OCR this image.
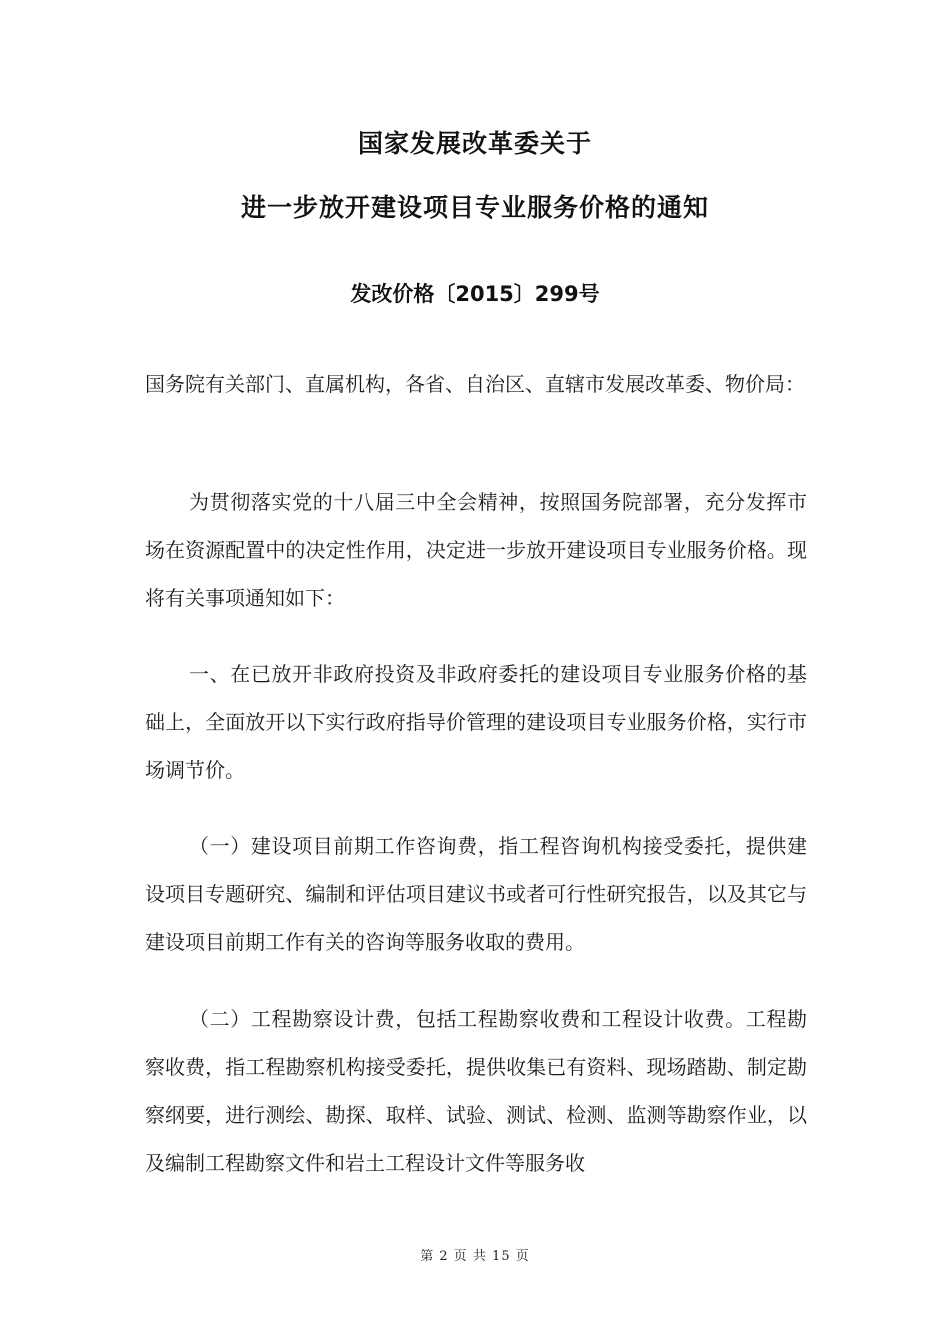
国家发展改革委关于
进一步放开建设项目专业服务价格的通知
发改价格〔2015〕299号
国务院有关部门、直属机构，各省、自治区、直辖市发展改革委、物价局：
为贯彻落实党的十八届三中全会精神，按照国务院部署，充分发挥市场在资源配置中的决定性作用，决定进一步放开建设项目专业服务价格。现将有关事项通知如下：
一、在已放开非政府投资及非政府委托的建设项目专业服务价格的基础上，全面放开以下实行政府指导价管理的建设项目专业服务价格，实行市场调节价。
（一）建设项目前期工作咨询费，指工程咨询机构接受委托，提供建设项目专题研究、编制和评估项目建议书或者可行性研究报告，以及其它与建设项目前期工作有关的咨询等服务收取的费用。
（二）工程勘察设计费，包括工程勘察收费和工程设计收费。工程勘察收费，指工程勘察机构接受委托，提供收集已有资料、现场踏勘、制定勘察纲要，进行测绘、勘探、取样、试验、测试、检测、监测等勘察作业，以及编制工程勘察文件和岩土工程设计文件等服务收
第 2 页 共 15 页
